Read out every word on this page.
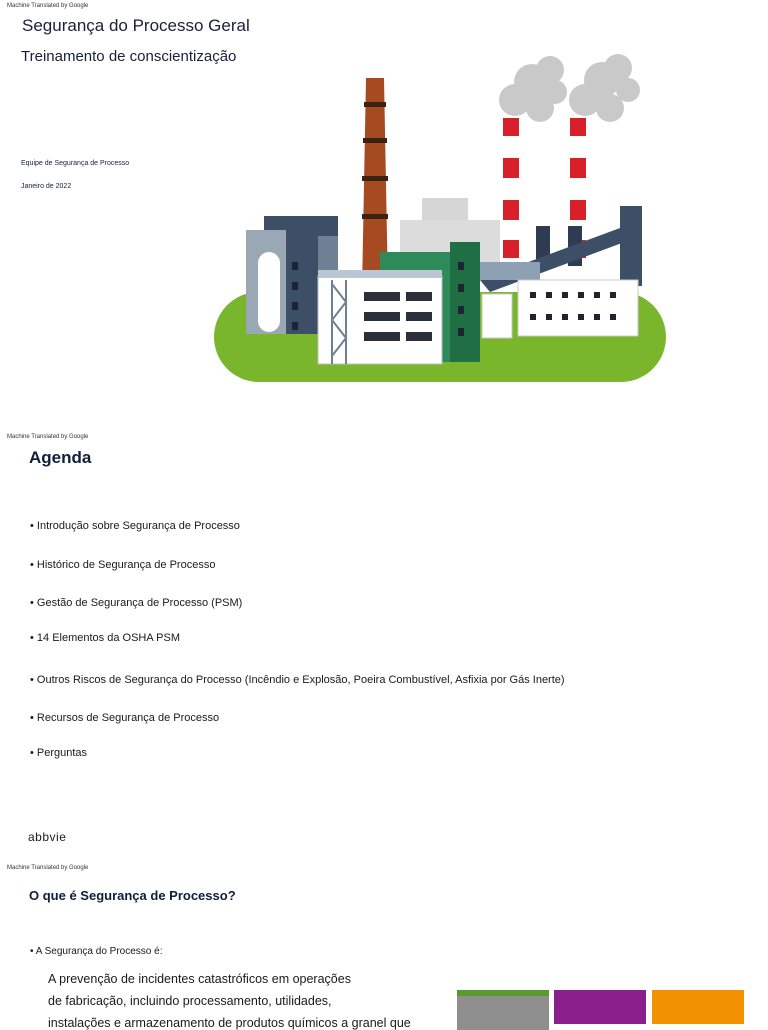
Machine Translated by Google
Segurança do Processo Geral
Treinamento de conscientização
Equipe de Segurança de Processo
Janeiro de 2022
Machine Translated by Google
Agenda
• Introdução sobre Segurança de Processo
• Histórico de Segurança de Processo
• Gestão de Segurança de Processo (PSM)
• 14 Elementos da OSHA PSM
• Outros Riscos de Segurança do Processo (Incêndio e Explosão, Poeira Combustível, Asfixia por Gás Inerte)
• Recursos de Segurança de Processo
• Perguntas
abbvie
Machine Translated by Google
O que é Segurança de Processo?
• A Segurança do Processo é:
A prevenção de incidentes catastróficos em operações
de fabricação, incluindo processamento, utilidades,
instalações e armazenamento de produtos químicos a granel que
